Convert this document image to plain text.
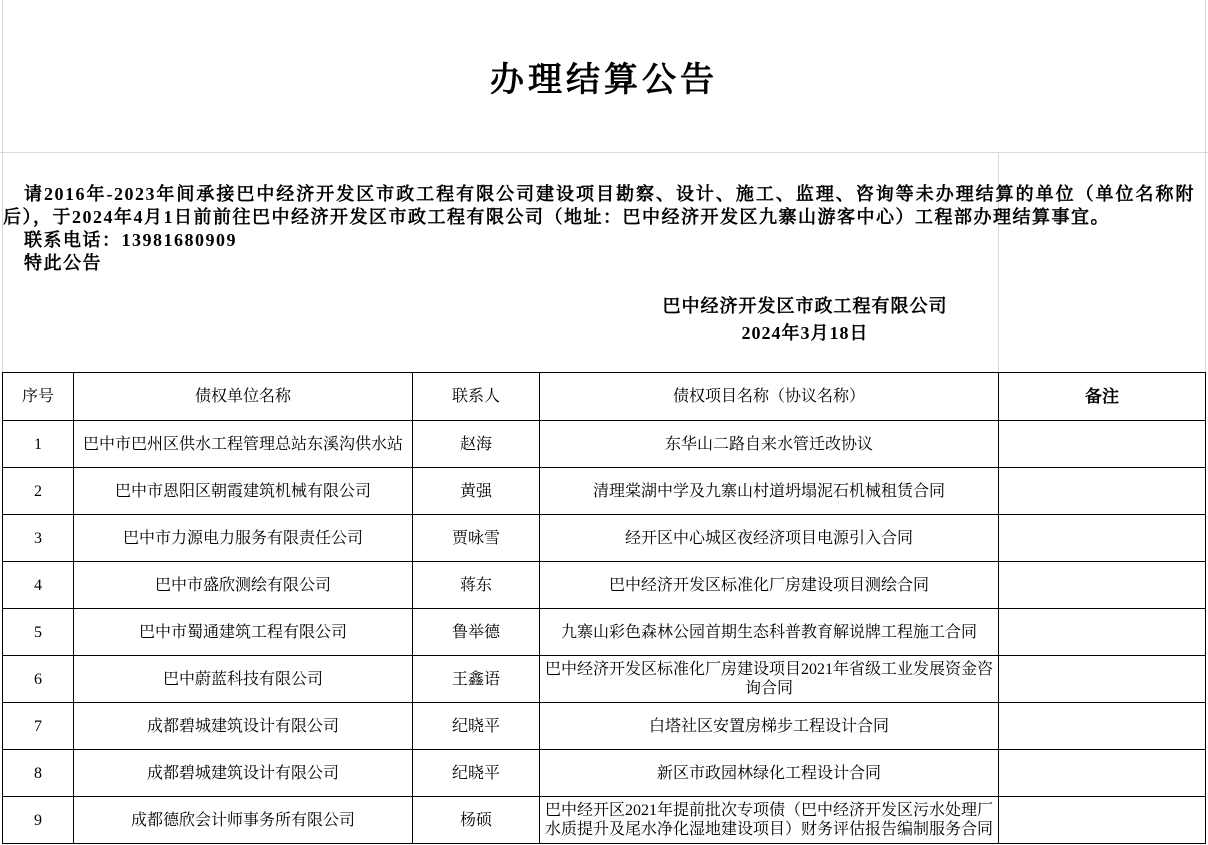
办理结算公告
请2016年-2023年间承接巴中经济开发区市政工程有限公司建设项目勘察、设计、施工、监理、咨询等未办理结算的单位（单位名称附后），于2024年4月1日前前往巴中经济开发区市政工程有限公司（地址：巴中经济开发区九寨山游客中心）工程部办理结算事宜。
联系电话：13981680909
特此公告
巴中经济开发区市政工程有限公司
2024年3月18日
序号	债权单位名称	联系人	债权项目名称（协议名称）	备注
1	巴中市巴州区供水工程管理总站东溪沟供水站	赵海	东华山二路自来水管迁改协议	
2	巴中市恩阳区朝霞建筑机械有限公司	黄强	清理棠湖中学及九寨山村道坍塌泥石机械租赁合同	
3	巴中市力源电力服务有限责任公司	贾咏雪	经开区中心城区夜经济项目电源引入合同	
4	巴中市盛欣测绘有限公司	蒋东	巴中经济开发区标准化厂房建设项目测绘合同	
5	巴中市蜀通建筑工程有限公司	鲁举德	九寨山彩色森林公园首期生态科普教育解说牌工程施工合同	
6	巴中蔚蓝科技有限公司	王鑫语	巴中经济开发区标准化厂房建设项目2021年省级工业发展资金咨询合同	
7	成都碧城建筑设计有限公司	纪晓平	白塔社区安置房梯步工程设计合同	
8	成都碧城建筑设计有限公司	纪晓平	新区市政园林绿化工程设计合同	
9	成都德欣会计师事务所有限公司	杨硕	巴中经开区2021年提前批次专项债（巴中经济开发区污水处理厂水质提升及尾水净化湿地建设项目）财务评估报告编制服务合同	
